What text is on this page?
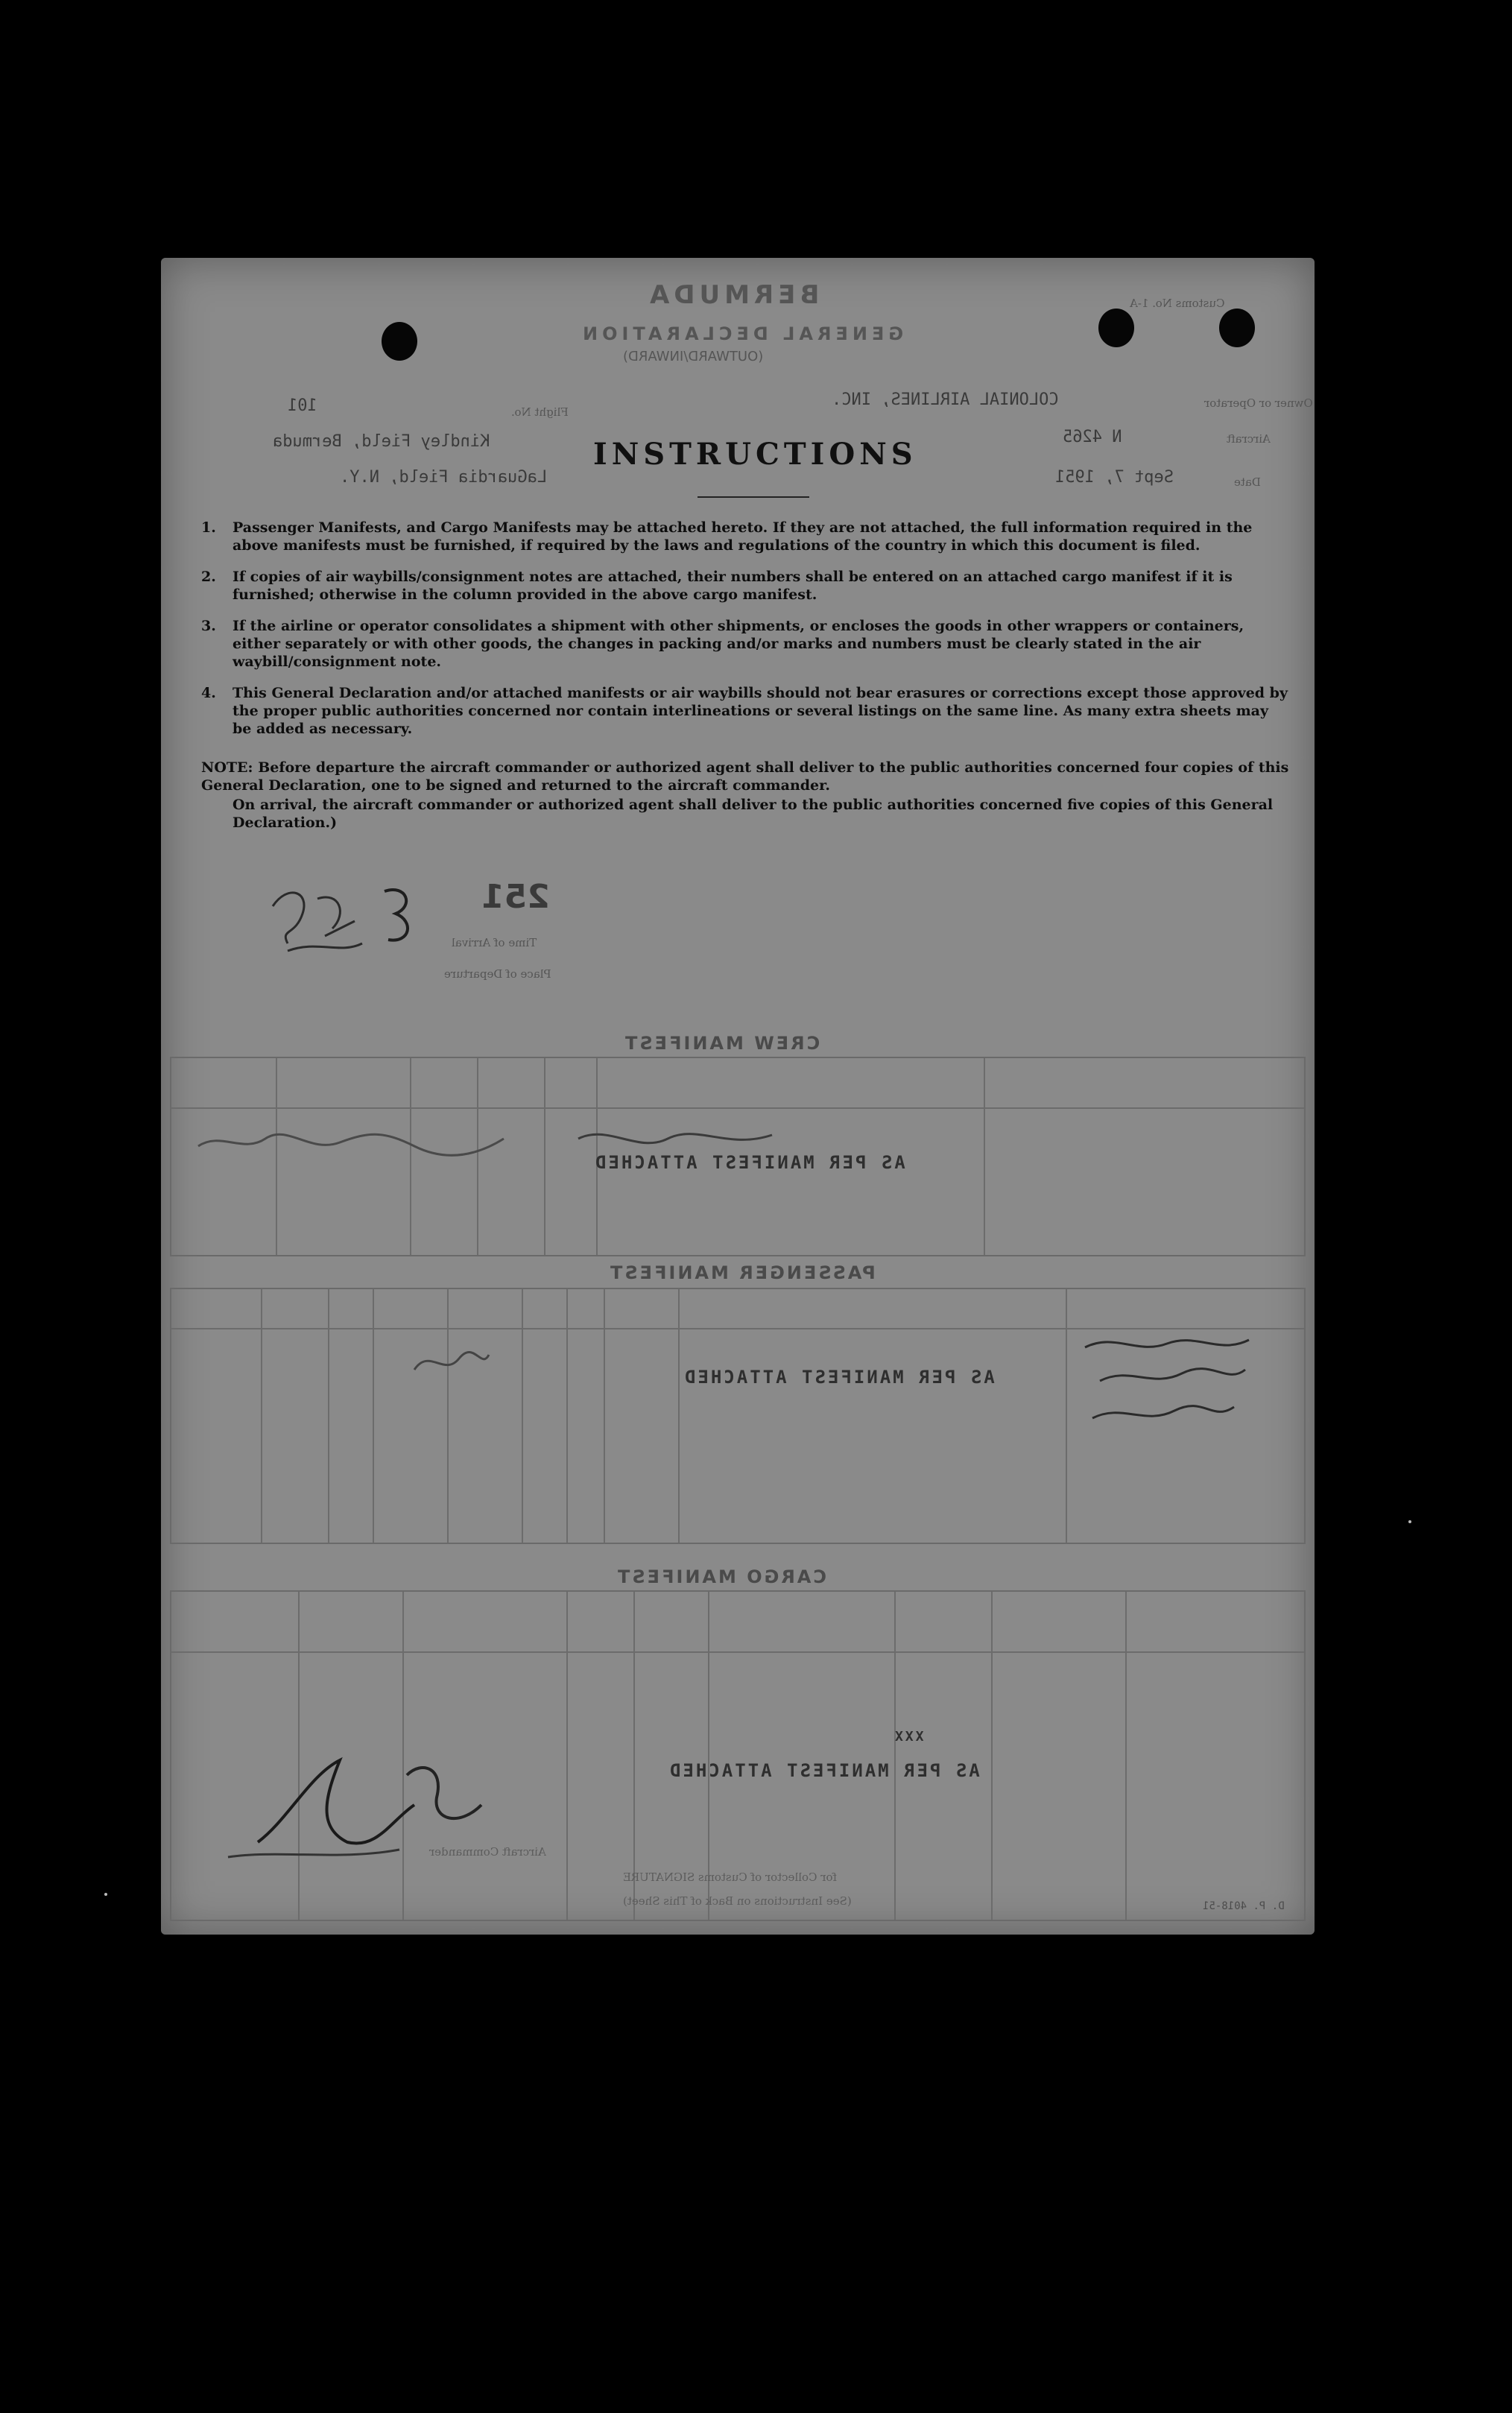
BERMUDA
GENERAL DECLARATION
(OUTWARD/INWARD)
Customs No. 1-A
Owner or Operator
COLONIAL AIRLINES, INC.
Flight No.
101
Aircraft
N 4265
Kindley Field, Bermuda
Date
Sept 7, 1951
LaGuardia Field, N.Y.
INSTRUCTIONS
1. Passenger Manifests, and Cargo Manifests may be attached hereto. If they are not attached, the full information required in the above manifests must be furnished, if required by the laws and regulations of the country in which this document is filed.
2. If copies of air waybills/consignment notes are attached, their numbers shall be entered on an attached cargo manifest if it is furnished; otherwise in the column provided in the above cargo manifest.
3. If the airline or operator consolidates a shipment with other shipments, or encloses the goods in other wrappers or containers, either separately or with other goods, the changes in packing and/or marks and numbers must be clearly stated in the air waybill/consignment note.
4. This General Declaration and/or attached manifests or air waybills should not bear erasures or corrections except those approved by the proper public authorities concerned nor contain interlineations or several listings on the same line. As many extra sheets may be added as necessary.
NOTE: Before departure the aircraft commander or authorized agent shall deliver to the public authorities concerned four copies of this General Declaration, one to be signed and returned to the aircraft commander.
On arrival, the aircraft commander or authorized agent shall deliver to the public authorities concerned five copies of this General Declaration.)
251
Time of Arrival
Place of Departure
CREW MANIFEST
AS PER MANIFEST ATTACHED
PASSENGER MANIFEST
AS PER MANIFEST ATTACHED
CARGO MANIFEST
XXX
AS PER MANIFEST ATTACHED
Aircraft Commander
for Collector of Customs SIGNATURE
(See Instructions on Back of This Sheet)	D. P. 4018-51
